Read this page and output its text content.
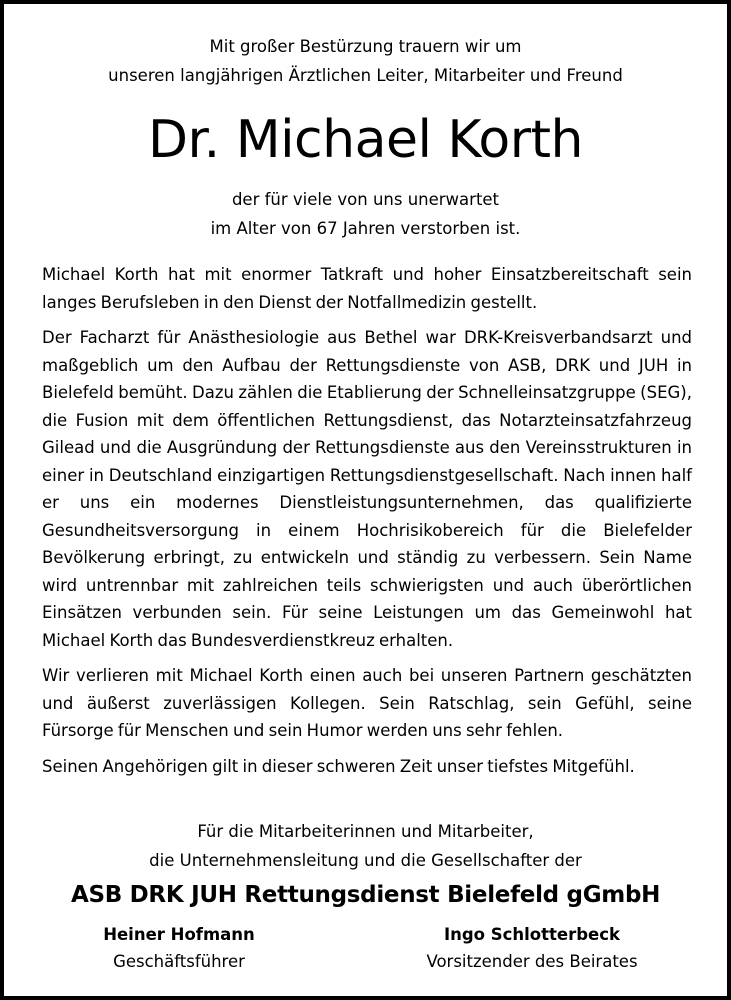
Mit großer Bestürzung trauern wir um
unseren langjährigen Ärztlichen Leiter, Mitarbeiter und Freund
Dr. Michael Korth
der für viele von uns unerwartet
im Alter von 67 Jahren verstorben ist.

Michael Korth hat mit enormer Tatkraft und hoher Einsatzbereitschaft sein langes Berufsleben in den Dienst der Notfallmedizin gestellt.

Der Facharzt für Anästhesiologie aus Bethel war DRK-Kreisverbandsarzt und maßgeblich um den Aufbau der Rettungsdienste von ASB, DRK und JUH in Bielefeld bemüht. Dazu zählen die Etablierung der Schnelleinsatzgruppe (SEG), die Fusion mit dem öffentlichen Rettungsdienst, das Notarzteinsatzfahrzeug Gilead und die Ausgründung der Rettungsdienste aus den Vereinsstrukturen in einer in Deutschland einzigartigen Rettungsdienstgesellschaft. Nach innen half er uns ein modernes Dienstleistungsunternehmen, das qualifizierte Gesundheitsversorgung in einem Hochrisikobereich für die Bielefelder Bevölkerung erbringt, zu entwickeln und ständig zu verbessern. Sein Name wird untrennbar mit zahlreichen teils schwierigsten und auch überörtlichen Einsätzen verbunden sein. Für seine Leistungen um das Gemeinwohl hat Michael Korth das Bundesverdienstkreuz erhalten.

Wir verlieren mit Michael Korth einen auch bei unseren Partnern geschätzten und äußerst zuverlässigen Kollegen. Sein Ratschlag, sein Gefühl, seine Fürsorge für Menschen und sein Humor werden uns sehr fehlen.

Seinen Angehörigen gilt in dieser schweren Zeit unser tiefstes Mitgefühl.

Für die Mitarbeiterinnen und Mitarbeiter,
die Unternehmensleitung und die Gesellschafter der
ASB DRK JUH Rettungsdienst Bielefeld gGmbH
Heiner Hofmann
Geschäftsführer
Ingo Schlotterbeck
Vorsitzender des Beirates
